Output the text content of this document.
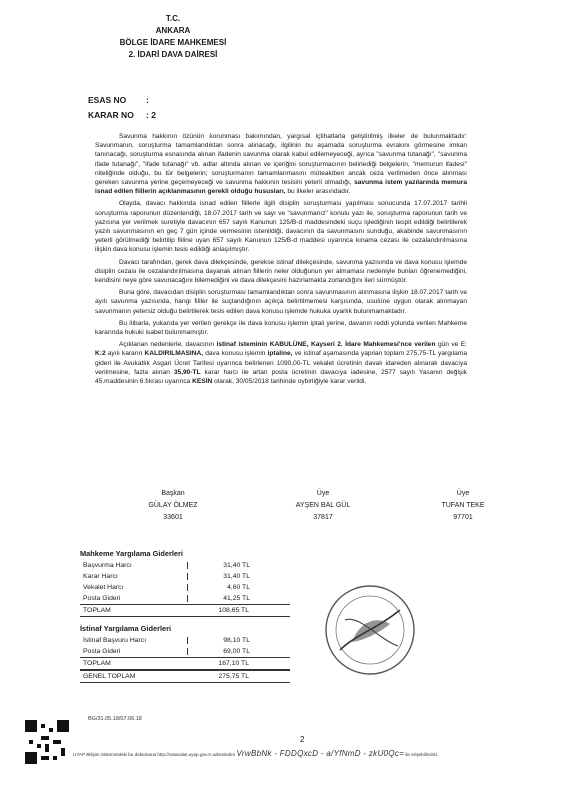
T.C.
ANKARA
BÖLGE İDARE MAHKEMESİ
2. İDARİ DAVA DAİRESİ
ESAS NO	:
KARAR NO	: 2

Savunma hakkının özünün korunması bakımından, yargısal içtihatlarla geliştirilmiş ilkeler de bulunmaktadır: Savunmanın, soruşturma tamamlandıktan sonra alınacağı, ilgilinin bu aşamada soruşturma evrakını görmesine imkan tanınacağı, soruşturma esnasında alınan ifadenin savunma olarak kabul edilemeyeceği, ayrıca "savunma tutanağı", "savunma ifade tutanağı", "ifade tutanağı" vb. adlar altında alınan ve içeriğini soruşturmacının belirlediği belgelerin, "memurun ifadesi" niteliğinde olduğu, bu tür belgelerin; soruşturmanın tamamlanmasını müteakiben ancak ceza verilmeden önce alınması gereken savunma yerine geçemeyeceği ve savunma hakkının tesisini yeterli olmadığı, savunma istem yazılarında memura isnad edilen fiillerin açıklanmasının gerekli olduğu hususları, bu ilkeler arasındadır.

Olayda, davacı hakkında isnad edilen fiillerle ilgili disiplin soruşturması yapılması sonucunda 17.07.2017 tarihli soruşturma raporunun düzenlendiği, 18.07.2017 tarih ve sayı ve "savunmanız" konulu yazı ile, soruşturma raporunun tarih ve yazısına yer verilmek suretiyle davacının 657 sayılı Kanunun 125/B-d maddesindeki suçu işlediğinin tespit edildiği belirtilerek yazılı savunmasının en geç 7 gün içinde vermesinin istenildiği, davacının da savunmasını sunduğu, akabinde savunmasının yeterli görülmediği belirtilip fiiline uyan 657 sayılı Kanunun 125/B-d maddesi uyarınca kınama cezası ile cezalandırılmasına ilişkin dava konusu işlemin tesis edildiği anlaşılmıştır.

Davacı tarafından, gerek dava dilekçesinde, gerekse istinaf dilekçesinde, savunma yazısında ve dava konusu işlemde disiplin cezası ile cezalandırılmasına dayanak alınan fiillerin neler olduğunun yer almaması nedeniyle bunları öğrenemediğini, kendisini neye göre savunacağını bilemediğini ve dava dilekçesini hazırlamakta zorlandığını ileri sürmüştür.

Buna göre, davacıdan disiplin soruşturması tamamlandıktan sonra savunmasının alınmasına ilişkin 18.07.2017 tarih ve ayılı savunma yazısında, hangi fiiller ile suçlandığının açıkça belirtilmemesi karşısında, usulüne uygun olarak alınmayan savunmanın yetersiz olduğu belirtilerek tesis edilen dava konusu işlemde hukuka uyarlık bulunmamaktadır.

Bu itibarla, yukarıda yer verilen gerekçe ile dava konusu işlemin iptali yerine, davanın reddi yolunda verilen Mahkeme kararında hukuki isabet bulunmamıştır.

Açıklanan nedenlerle, davacının istinaf isteminin KABULÜNE, Kayseri 2. İdare Mahkemesi'nce verilen gün ve E: K:2 ayılı kararın KALDIRILMASINA, dava konusu işlemin iptaline, ve istinaf aşamasında yapılan toplam 275,75-TL yargılama gideri ile Avukatlık Asgari Ücret Tarifesi uyarınca belirlenen 1090,00-TL vekalet ücretinin davalı idareden alınarak davacıya verilmesine, fazla alınan 35,90-TL karar harcı ile artan posta ücretinin davacıya iadesine, 2577 sayılı Yasanın değişik 45.maddesinin 6.fıkrası uyarınca KESİN olarak, 30/05/2018 tarihinde oybirliğiyle karar verildi.

Başkan
GÜLAY ÖLMEZ
33601
Üye
AYŞEN BAL GÜL
37817
Üye
TUFAN TEKE
97701
Mahkeme Yargılama Giderleri
Başvurma Harcı	31,40 TL
Karar Harcı	31,40 TL
Vekalet Harcı	4,60 TL
Posta Gideri	41,25 TL
TOPLAM	108,65 TL
İstinaf Yargılama Giderleri
İstinaf Başvuru Harcı	98,10 TL
Posta Gideri	69,00 TL
TOPLAM	167,10 TL
GENEL TOPLAM	275,75 TL
BG/31.05.18/07.06.18
2
UYAP Bilişim Sistemindeki bu dokümana http://vatandas.uyap.gov.tr adresinden VrwBbNk - FDDQxcD - a/YfNmD - zkU0Qc= ile erişebilirsiniz.
